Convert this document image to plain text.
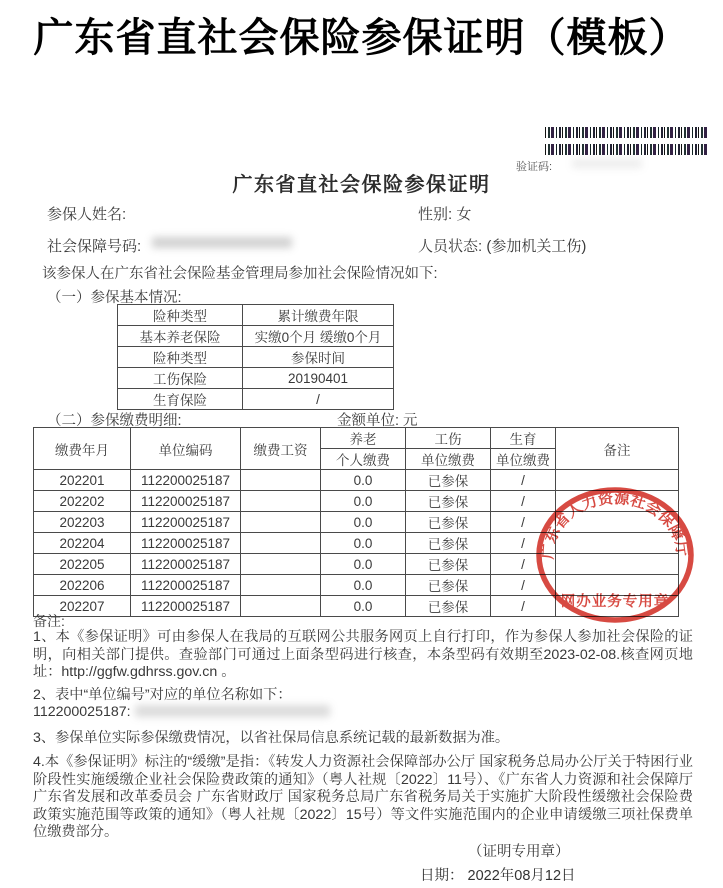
广东省直社会保险参保证明（模板）
验证码:
广东省直社会保险参保证明
参保人姓名:	性别: 女
社会保障号码:	人员状态: (参加机关工伤)
该参保人在广东省社会保险基金管理局参加社会保险情况如下:
（一）参保基本情况:
险种类型	累计缴费年限
基本养老保险	实缴0个月 缓缴0个月
险种类型	参保时间
工伤保险	20190401
生育保险	/
（二）参保缴费明细:	金额单位: 元
缴费年月	单位编码	缴费工资	养老	工伤	生育	备注
			个人缴费	单位缴费	单位缴费	
202201	112200025187		0.0	已参保	/	
202202	112200025187		0.0	已参保	/	
202203	112200025187		0.0	已参保	/	
202204	112200025187		0.0	已参保	/	
202205	112200025187		0.0	已参保	/	
202206	112200025187		0.0	已参保	/	
202207	112200025187		0.0	已参保	/	
备注:
1、本《参保证明》可由参保人在我局的互联网公共服务网页上自行打印，作为参保人参加社会保险的证明，向相关部门提供。查验部门可通过上面条型码进行核查，本条型码有效期至2023-02-08.核查网页地址：http://ggfw.gdhrss.gov.cn 。
2、表中“单位编号”对应的单位名称如下：
112200025187:
3、参保单位实际参保缴费情况，以省社保局信息系统记载的最新数据为准。
4.本《参保证明》标注的“缓缴”是指：《转发人力资源社会保障部办公厅 国家税务总局办公厅关于特困行业阶段性实施缓缴企业社会保险费政策的通知》（粤人社规〔2022〕11号）、《广东省人力资源和社会保障厅 广东省发展和改革委员会 广东省财政厅 国家税务总局广东省税务局关于实施扩大阶段性缓缴社会保险费政策实施范围等政策的通知》（粤人社规〔2022〕15号）等文件实施范围内的企业申请缓缴三项社保费单位缴费部分。
（证明专用章）
日期： 2022年08月12日
广东省人力资源社会保障厅
网办业务专用章
